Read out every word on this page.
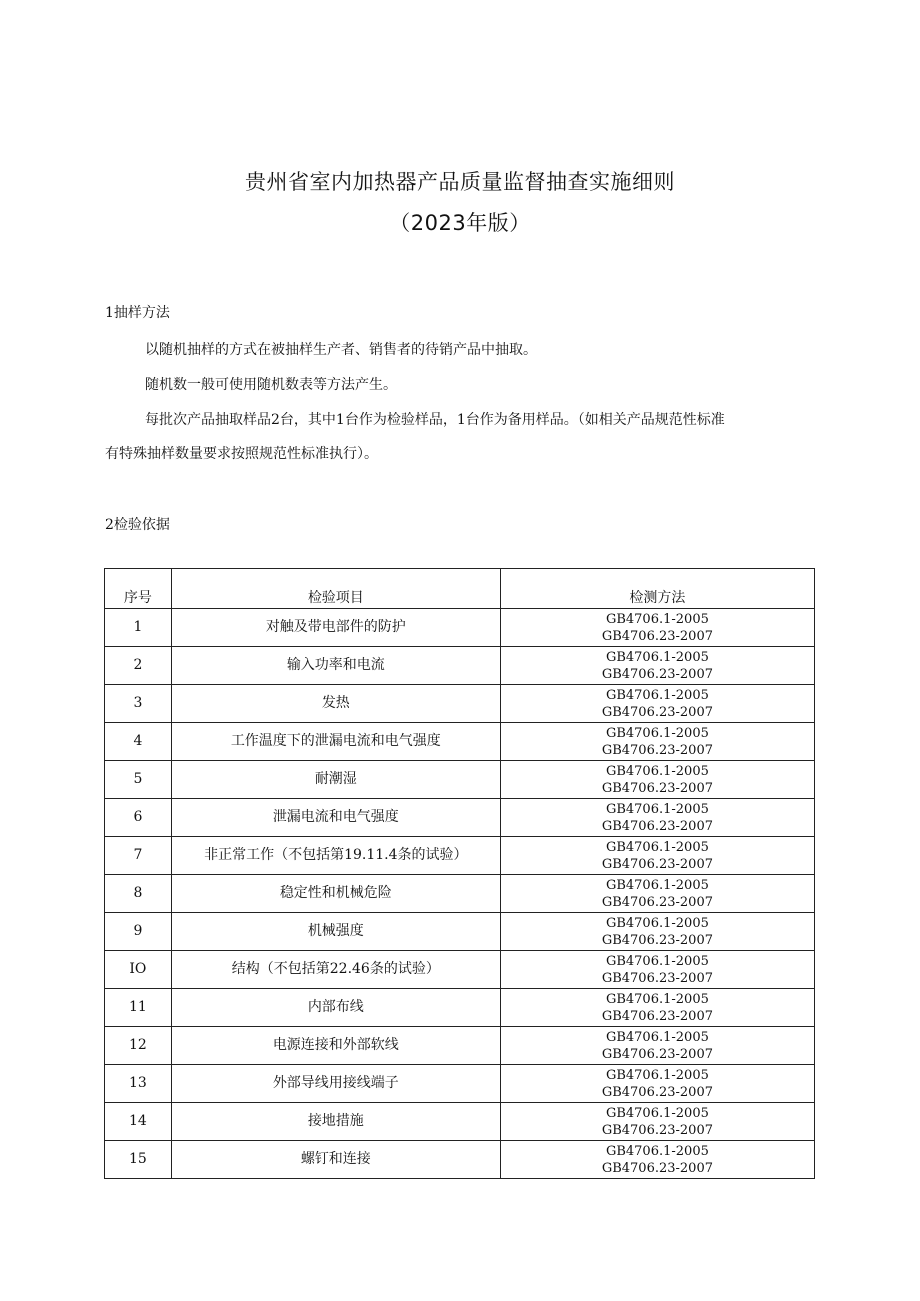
贵州省室内加热器产品质量监督抽查实施细则
（2023年版）
1抽样方法

以随机抽样的方式在被抽样生产者、销售者的待销产品中抽取。

随机数一般可使用随机数表等方法产生。

每批次产品抽取样品2台，其中1台作为检验样品，1台作为备用样品。（如相关产品规范性标准

有特殊抽样数量要求按照规范性标准执行）。

2检验依据
序号	检验项目	检测方法
1	对触及带电部件的防护	GB4706.1-2005
GB4706.23-2007

2	输入功率和电流	GB4706.1-2005
GB4706.23-2007

3	发热	GB4706.1-2005
GB4706.23-2007

4	工作温度下的泄漏电流和电气强度	GB4706.1-2005
GB4706.23-2007

5	耐潮湿	GB4706.1-2005
GB4706.23-2007

6	泄漏电流和电气强度	GB4706.1-2005
GB4706.23-2007

7	非正常工作（不包括第19.11.4条的试验）	GB4706.1-2005
GB4706.23-2007

8	稳定性和机械危险	GB4706.1-2005
GB4706.23-2007

9	机械强度	GB4706.1-2005
GB4706.23-2007

IO	结构（不包括第22.46条的试验）	GB4706.1-2005
GB4706.23-2007

11	内部布线	GB4706.1-2005
GB4706.23-2007

12	电源连接和外部软线	GB4706.1-2005
GB4706.23-2007

13	外部导线用接线端子	GB4706.1-2005
GB4706.23-2007

14	接地措施	GB4706.1-2005
GB4706.23-2007

15	螺钉和连接	GB4706.1-2005
GB4706.23-2007
